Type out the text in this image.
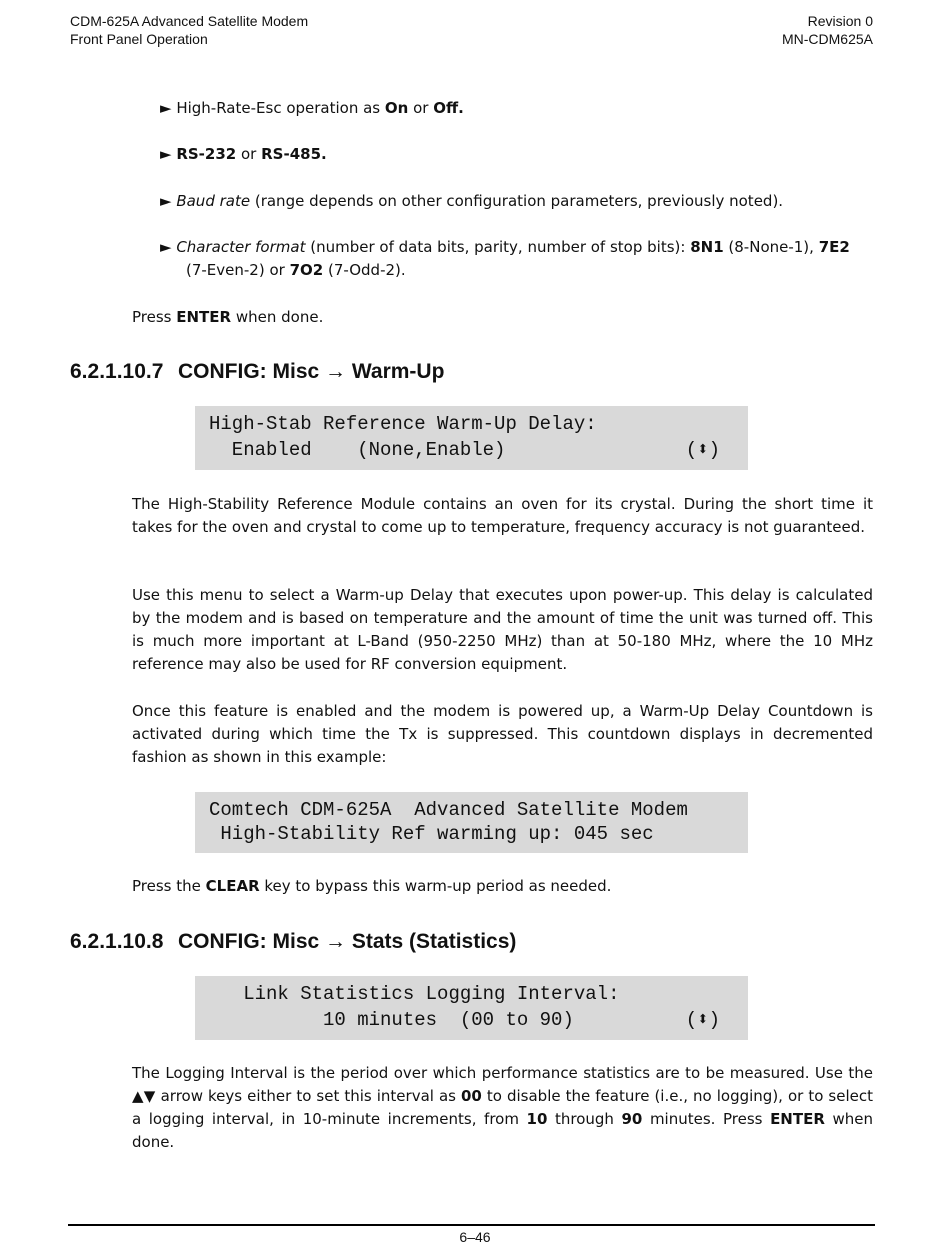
CDM-625A Advanced Satellite Modem
Front Panel Operation
Revision 0
MN-CDM625A
► High-Rate-Esc operation as On or Off.
► RS-232 or RS-485.
► Baud rate (range depends on other configuration parameters, previously noted).
► Character format (number of data bits, parity, number of stop bits): 8N1 (8-None-1), 7E2
(7-Even-2) or 7O2 (7-Odd-2).
Press ENTER when done.
6.2.1.10.7 CONFIG: Misc → Warm-Up
High-Stab Reference Warm-Up Delay:
Enabled    (None,Enable)	(⬍)
The High-Stability Reference Module contains an oven for its crystal. During the short time it takes for the oven and crystal to come up to temperature, frequency accuracy is not guaranteed.
Use this menu to select a Warm-up Delay that executes upon power-up. This delay is calculated by the modem and is based on temperature and the amount of time the unit was turned off. This is much more important at L-Band (950-2250 MHz) than at 50-180 MHz, where the 10 MHz reference may also be used for RF conversion equipment.
Once this feature is enabled and the modem is powered up, a Warm-Up Delay Countdown is activated during which time the Tx is suppressed. This countdown displays in decremented fashion as shown in this example:
Comtech CDM-625A  Advanced Satellite Modem
High-Stability Ref warming up: 045 sec
Press the CLEAR key to bypass this warm-up period as needed.
6.2.1.10.8 CONFIG: Misc → Stats (Statistics)
Link Statistics Logging Interval:
10 minutes  (00 to 90)	(⬍)
The Logging Interval is the period over which performance statistics are to be measured. Use the ▲▼ arrow keys either to set this interval as 00 to disable the feature (i.e., no logging), or to select a logging interval, in 10-minute increments, from 10 through 90 minutes. Press ENTER when done.
6–46
